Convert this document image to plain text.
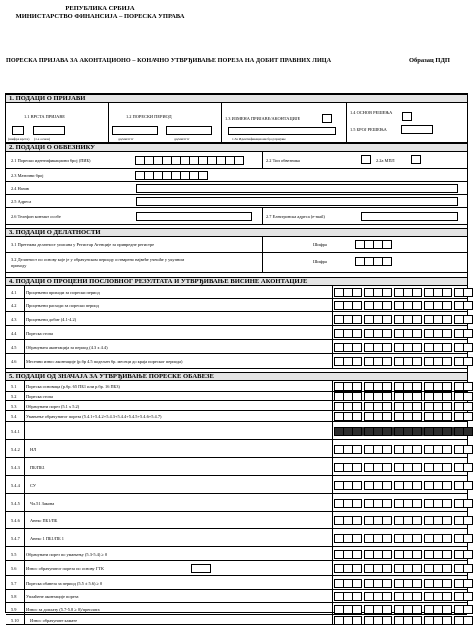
РЕПУБЛИКА СРБИЈА
МИНИСТАРСТВО ФИНАНСИЈА – ПОРЕСКА УПРАВА
ПОРЕСКА ПРИЈАВА ЗА АКОНТАЦИОНО – КОНАЧНО УТВРЂИВАЊЕ ПОРЕЗА НА ДОБИТ ПРАВНИХ ЛИЦА	Образац ПДП
1. ПОДАЦИ О ПРИЈАВИ
1.1 ВРСТА ПРИЈАВЕ
(шифра врсте) (1.а основ)
1.2 ПОРЕСКИ ПЕРИОД
дд/мм/гггг	дд/мм/гггг
1.3 ИЗМЕНА ПРИЈАВЕ/АКОНТАЦИЈЕ
1.3а Идентификациони број пријаве
1.4 ОСНОВ РЕШЕЊА
1.5 БРОЈ РЕШЕЊА
2. ПОДАЦИ О ОБВЕЗНИКУ
2.1 Порески идентификациони број (ПИБ)	2.2 Тип обвезника	2.2а МПЛ
2.3 Матични број
2.4 Назив
2.5 Адреса
2.6 Телефон контакт особе	2.7 Електронска адреса (е-mail)
3. ПОДАЦИ О ДЕЛАТНОСТИ
3.1 Претежна делатност уписана у Регистар Агенције за привредне регистре	Шифра
3.2 Делатност по основу које је у обрачунском периоду остварено највеће учешће у укупном
приходу
Шифра
4. ПОДАЦИ О ПРОЦЕНИ ПОСЛОВНОГ РЕЗУЛТАТА И УТВРЂИВАЊЕ ВИСИНЕ АКОНТАЦИЈЕ
5. ПОДАЦИ ОД ЗНАЧАЈА ЗА УТВРЂИВАЊЕ ПОРЕСКЕ ОБАВЕЗЕ
4.1 Процењени приходи за порески период
4.2 Процењени расходи за порески период
4.3 Процењени добит (4.1-4.2)
4.4 Пореска стопа
4.5 Обрачуната аконтација за период (4.3 x 4.4)
4.6 Месечни износ аконтације (р.бр 4.5 подељен бр. месеци до краја пореског периода)
5.1 Пореска основица (р.бр. 65 ПБ1 или р.бр. 16 ПБ3)
5.2 Пореска стопа
5.3 Обрачунати порез (5.1 x 5.2)
5.4 Умањење обрачунатог пореза (5.4.1+5.4.2+5.4.3+5.4.4+5.4.5+5.4.6+5.4.7)
5.4.1
5.4.2 НЛ
5.4.3 ПБ/ПБ1
5.4.4 СУ
5.4.5 Чл.51 Закона
5.4.6 Анекс ПБ1/ПБ
5.4.7 Анекс 1 ПБ1/ПБ 1
5.5 Обрачунати порез по умањењу (5.3-5.4) ≥ 0
5.6 Износ обрачунатог пореза по основу ГТК
5.7 Пореска обавеза за период (5.5 ± 5.6) ≥ 0
5.8 Уплаћене аконтације пореза
5.9 Износ за доплату (5.7-5.8 ≥ 0)/преплата
5.10	Износ обрачунате камате
